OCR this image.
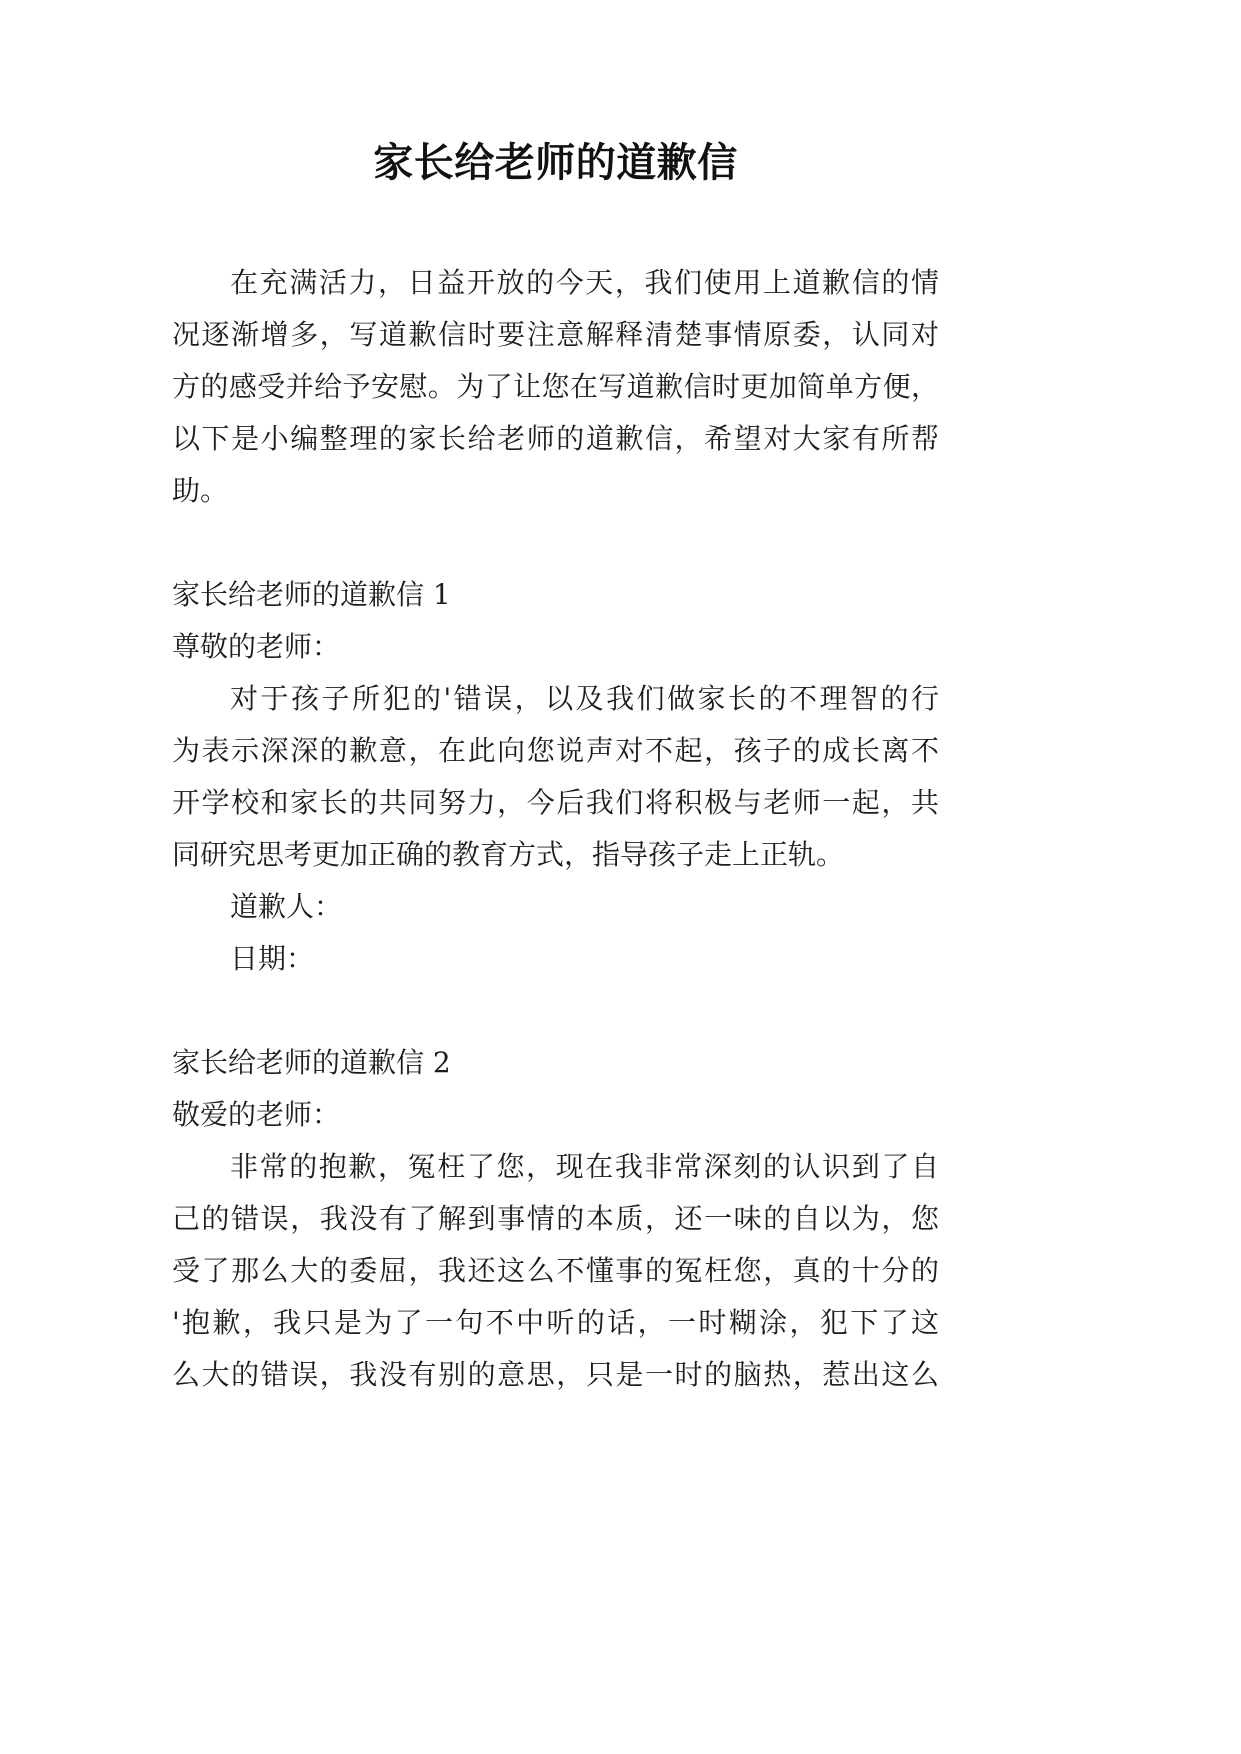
家长给老师的道歉信
在充满活力，日益开放的今天，我们使用上道歉信的情
况逐渐增多，写道歉信时要注意解释清楚事情原委，认同对
方的感受并给予安慰。为了让您在写道歉信时更加简单方便，
以下是小编整理的家长给老师的道歉信，希望对大家有所帮
助。
家长给老师的道歉信 1
尊敬的老师：
对于孩子所犯的'错误，以及我们做家长的不理智的行
为表示深深的歉意，在此向您说声对不起，孩子的成长离不
开学校和家长的共同努力，今后我们将积极与老师一起，共
同研究思考更加正确的教育方式，指导孩子走上正轨。
道歉人：
日期：
家长给老师的道歉信 2
敬爱的老师：
非常的抱歉，冤枉了您，现在我非常深刻的认识到了自
己的错误，我没有了解到事情的本质，还一味的自以为，您
受了那么大的委屈，我还这么不懂事的冤枉您，真的十分的
'抱歉，我只是为了一句不中听的话，一时糊涂，犯下了这
么大的错误，我没有别的意思，只是一时的脑热，惹出这么
